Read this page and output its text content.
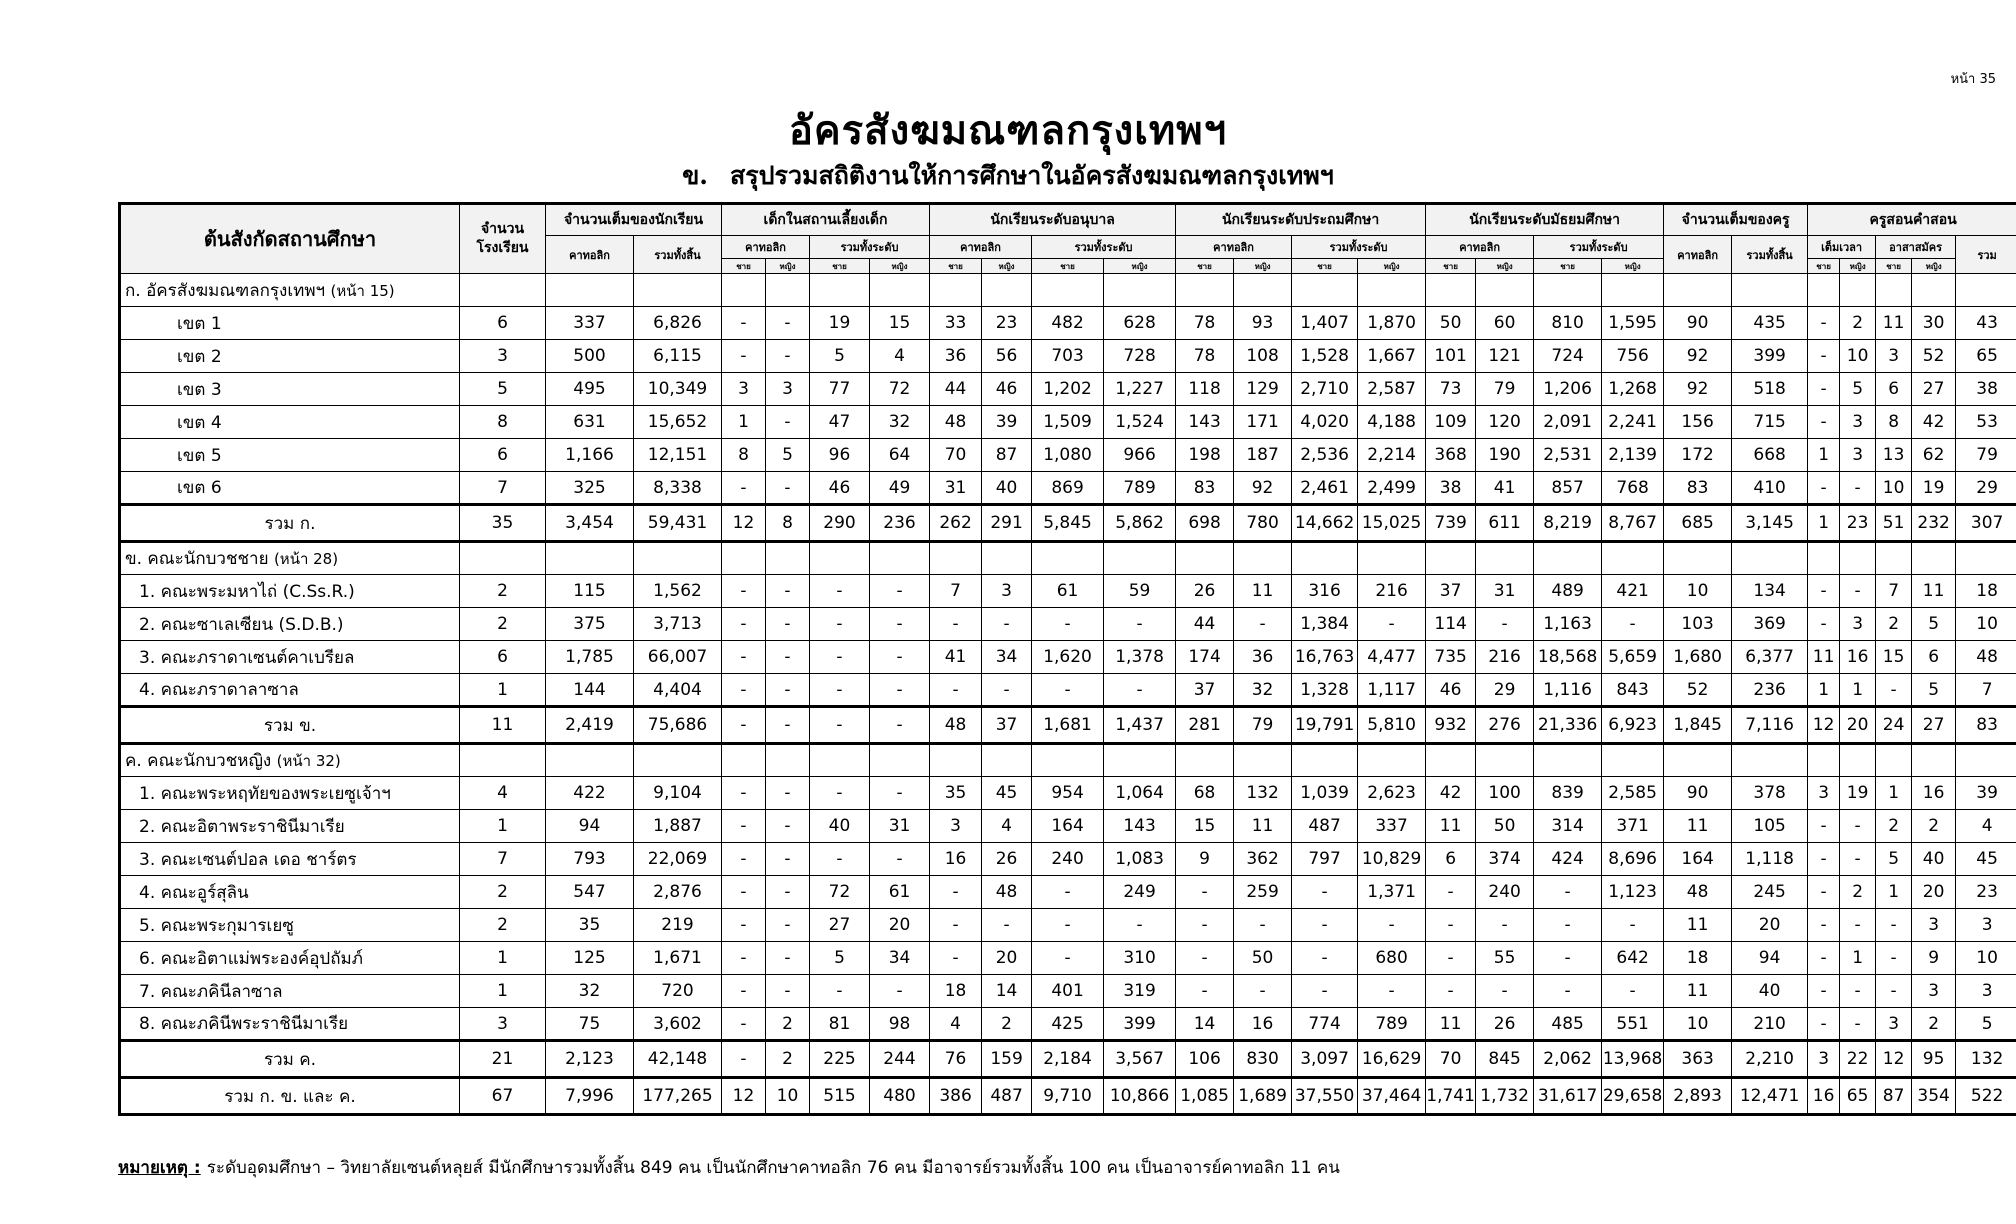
หน้า 35
อัครสังฆมณฑลกรุงเทพฯ
ข. สรุปรวมสถิติงานให้การศึกษาในอัครสังฆมณฑลกรุงเทพฯ
ต้นสังกัดสถานศึกษา	จำนวน โรงเรียน	จำนวนเต็มของนักเรียน		เด็กในสถานเลี้ยงเด็ก				นักเรียนระดับอนุบาล				นักเรียนระดับประถมศึกษา				นักเรียนระดับมัธยมศึกษา				จำนวนเต็มของครู		ครูสอนคำสอน				
		คาทอลิก	รวมทั้งสิ้น	คาทอลิก		รวมทั้งระดับ		คาทอลิก		รวมทั้งระดับ		คาทอลิก		รวมทั้งระดับ		คาทอลิก		รวมทั้งระดับ		คาทอลิก	รวมทั้งสิ้น	เต็มเวลา		อาสาสมัคร		รวม
				ชาย	หญิง	ชาย	หญิง	ชาย	หญิง	ชาย	หญิง	ชาย	หญิง	ชาย	หญิง	ชาย	หญิง	ชาย	หญิง			ชาย	หญิง	ชาย	หญิง	
ก. อัครสังฆมณฑลกรุงเทพฯ (หน้า 15)																										
เขต 1	6	337	6,826	-	-	19	15	33	23	482	628	78	93	1,407	1,870	50	60	810	1,595	90	435	-	2	11	30	43
เขต 2	3	500	6,115	-	-	5	4	36	56	703	728	78	108	1,528	1,667	101	121	724	756	92	399	-	10	3	52	65
เขต 3	5	495	10,349	3	3	77	72	44	46	1,202	1,227	118	129	2,710	2,587	73	79	1,206	1,268	92	518	-	5	6	27	38
เขต 4	8	631	15,652	1	-	47	32	48	39	1,509	1,524	143	171	4,020	4,188	109	120	2,091	2,241	156	715	-	3	8	42	53
เขต 5	6	1,166	12,151	8	5	96	64	70	87	1,080	966	198	187	2,536	2,214	368	190	2,531	2,139	172	668	1	3	13	62	79
เขต 6	7	325	8,338	-	-	46	49	31	40	869	789	83	92	2,461	2,499	38	41	857	768	83	410	-	-	10	19	29
รวม ก.	35	3,454	59,431	12	8	290	236	262	291	5,845	5,862	698	780	14,662	15,025	739	611	8,219	8,767	685	3,145	1	23	51	232	307
ข. คณะนักบวชชาย (หน้า 28)																										
1. คณะพระมหาไถ่ (C.Ss.R.)	2	115	1,562	-	-	-	-	7	3	61	59	26	11	316	216	37	31	489	421	10	134	-	-	7	11	18
2. คณะซาเลเซียน (S.D.B.)	2	375	3,713	-	-	-	-	-	-	-	-	44	-	1,384	-	114	-	1,163	-	103	369	-	3	2	5	10
3. คณะภราดาเซนต์คาเบรียล	6	1,785	66,007	-	-	-	-	41	34	1,620	1,378	174	36	16,763	4,477	735	216	18,568	5,659	1,680	6,377	11	16	15	6	48
4. คณะภราดาลาซาล	1	144	4,404	-	-	-	-	-	-	-	-	37	32	1,328	1,117	46	29	1,116	843	52	236	1	1	-	5	7
รวม ข.	11	2,419	75,686	-	-	-	-	48	37	1,681	1,437	281	79	19,791	5,810	932	276	21,336	6,923	1,845	7,116	12	20	24	27	83
ค. คณะนักบวชหญิง (หน้า 32)																										
1. คณะพระหฤทัยของพระเยซูเจ้าฯ	4	422	9,104	-	-	-	-	35	45	954	1,064	68	132	1,039	2,623	42	100	839	2,585	90	378	3	19	1	16	39
2. คณะอิตาพระราชินีมาเรีย	1	94	1,887	-	-	40	31	3	4	164	143	15	11	487	337	11	50	314	371	11	105	-	-	2	2	4
3. คณะเซนต์ปอล เดอ ชาร์ตร	7	793	22,069	-	-	-	-	16	26	240	1,083	9	362	797	10,829	6	374	424	8,696	164	1,118	-	-	5	40	45
4. คณะอูร์สุลิน	2	547	2,876	-	-	72	61	-	48	-	249	-	259	-	1,371	-	240	-	1,123	48	245	-	2	1	20	23
5. คณะพระกุมารเยซู	2	35	219	-	-	27	20	-	-	-	-	-	-	-	-	-	-	-	-	11	20	-	-	-	3	3
6. คณะอิตาแม่พระองค์อุปถัมภ์	1	125	1,671	-	-	5	34	-	20	-	310	-	50	-	680	-	55	-	642	18	94	-	1	-	9	10
7. คณะภคินีลาซาล	1	32	720	-	-	-	-	18	14	401	319	-	-	-	-	-	-	-	-	11	40	-	-	-	3	3
8. คณะภคินีพระราชินีมาเรีย	3	75	3,602	-	2	81	98	4	2	425	399	14	16	774	789	11	26	485	551	10	210	-	-	3	2	5
รวม ค.	21	2,123	42,148	-	2	225	244	76	159	2,184	3,567	106	830	3,097	16,629	70	845	2,062	13,968	363	2,210	3	22	12	95	132
รวม ก. ข. และ ค.	67	7,996	177,265	12	10	515	480	386	487	9,710	10,866	1,085	1,689	37,550	37,464	1,741	1,732	31,617	29,658	2,893	12,471	16	65	87	354	522
หมายเหตุ : ระดับอุดมศึกษา – วิทยาลัยเซนต์หลุยส์ มีนักศึกษารวมทั้งสิ้น 849 คน เป็นนักศึกษาคาทอลิก 76 คน มีอาจารย์รวมทั้งสิ้น 100 คน เป็นอาจารย์คาทอลิก 11 คน
